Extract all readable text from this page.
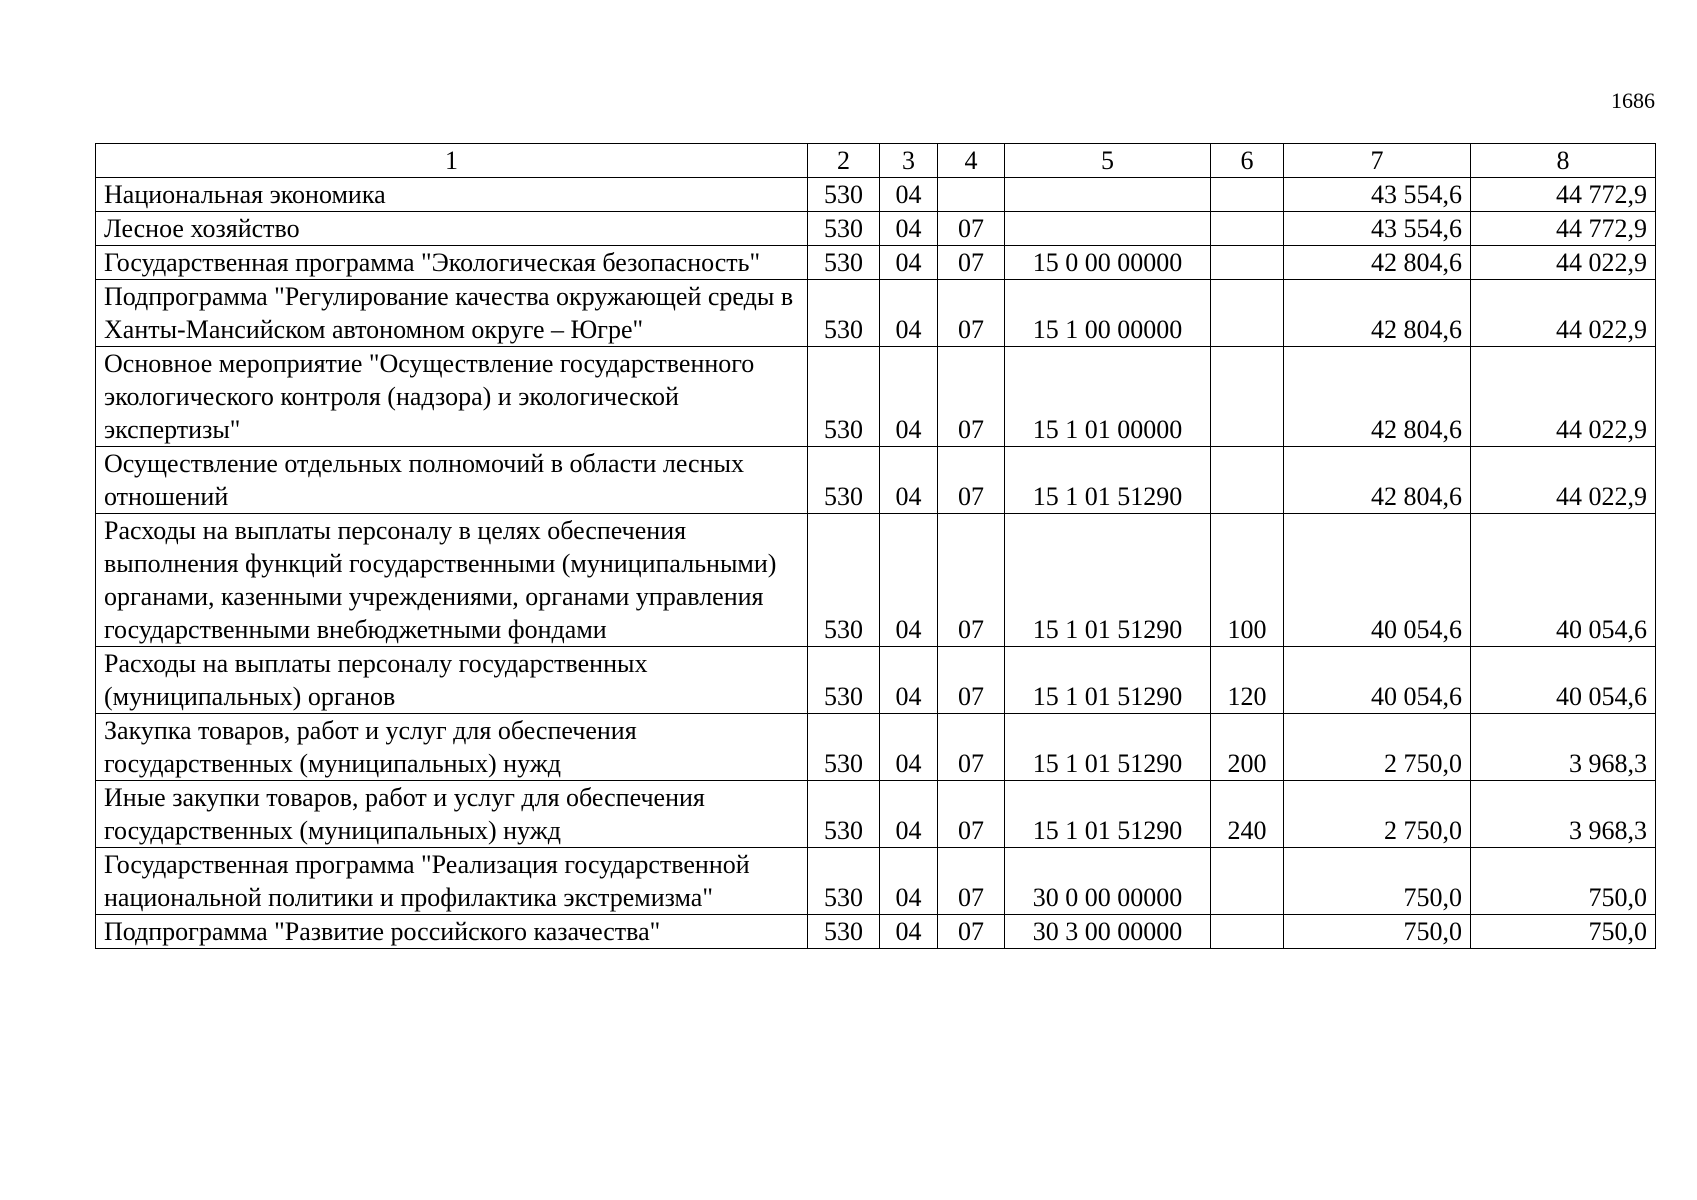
1686
1	2	3	4	5	6	7	8
Национальная экономика	530	04				43 554,6	44 772,9
Лесное хозяйство	530	04	07			43 554,6	44 772,9
Государственная программа "Экологическая безопасность"	530	04	07	15 0 00 00000		42 804,6	44 022,9
Подпрограмма "Регулирование качества окружающей среды в Ханты-Мансийском автономном округе – Югре"	530	04	07	15 1 00 00000		42 804,6	44 022,9
Основное мероприятие "Осуществление государственного экологического контроля (надзора) и экологической экспертизы"	530	04	07	15 1 01 00000		42 804,6	44 022,9
Осуществление отдельных полномочий в области лесных отношений	530	04	07	15 1 01 51290		42 804,6	44 022,9
Расходы на выплаты персоналу в целях обеспечения выполнения функций государственными (муниципальными) органами, казенными учреждениями, органами управления государственными внебюджетными фондами	530	04	07	15 1 01 51290	100	40 054,6	40 054,6
Расходы на выплаты персоналу государственных (муниципальных) органов	530	04	07	15 1 01 51290	120	40 054,6	40 054,6
Закупка товаров, работ и услуг для обеспечения государственных (муниципальных) нужд	530	04	07	15 1 01 51290	200	2 750,0	3 968,3
Иные закупки товаров, работ и услуг для обеспечения государственных (муниципальных) нужд	530	04	07	15 1 01 51290	240	2 750,0	3 968,3
Государственная программа "Реализация государственной национальной политики и профилактика экстремизма"	530	04	07	30 0 00 00000		750,0	750,0
Подпрограмма "Развитие российского казачества"	530	04	07	30 3 00 00000		750,0	750,0
